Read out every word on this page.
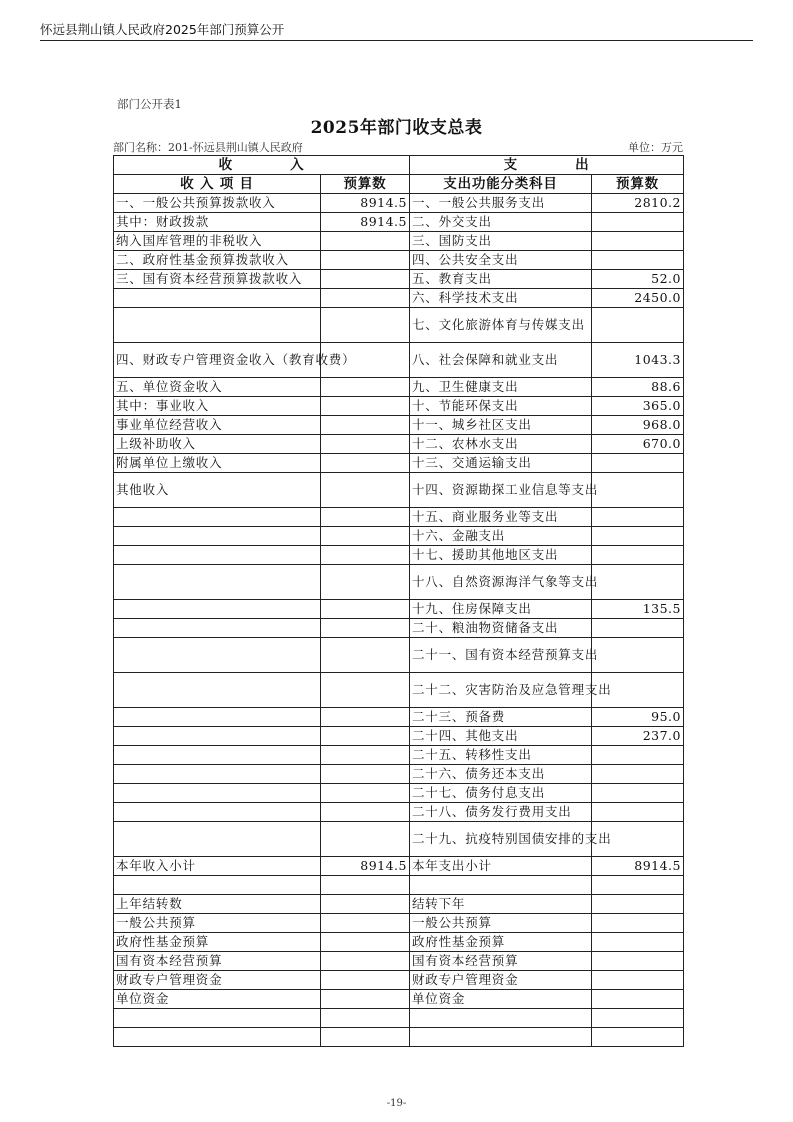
怀远县荆山镇人民政府2025年部门预算公开
部门公开表1
2025年部门收支总表
部门名称：201-怀远县荆山镇人民政府	单位：万元
收　　　　入		支　　　　出	
收 入 项 目	预算数	支出功能分类科目	预算数
一、一般公共预算拨款收入	8914.5	一、一般公共服务支出	2810.2
其中：财政拨款	8914.5	二、外交支出	
纳入国库管理的非税收入		三、国防支出	
二、政府性基金预算拨款收入		四、公共安全支出	
三、国有资本经营预算拨款收入		五、教育支出	52.0
		六、科学技术支出	2450.0
		七、文化旅游体育与传媒支出	
四、财政专户管理资金收入（教育收费）		八、社会保障和就业支出	1043.3
五、单位资金收入		九、卫生健康支出	88.6
其中：事业收入		十、节能环保支出	365.0
事业单位经营收入		十一、城乡社区支出	968.0
上级补助收入		十二、农林水支出	670.0
附属单位上缴收入		十三、交通运输支出	
其他收入		十四、资源勘探工业信息等支出	
		十五、商业服务业等支出	
		十六、金融支出	
		十七、援助其他地区支出	
		十八、自然资源海洋气象等支出	
		十九、住房保障支出	135.5
		二十、粮油物资储备支出	
		二十一、国有资本经营预算支出	
		二十二、灾害防治及应急管理支出	
		二十三、预备费	95.0
		二十四、其他支出	237.0
		二十五、转移性支出	
		二十六、债务还本支出	
		二十七、债务付息支出	
		二十八、债务发行费用支出	
		二十九、抗疫特别国债安排的支出	
本年收入小计	8914.5	本年支出小计	8914.5

上年结转数		结转下年	
一般公共预算		一般公共预算	
政府性基金预算		政府性基金预算	
国有资本经营预算		国有资本经营预算	
财政专户管理资金		财政专户管理资金	
单位资金		单位资金	

-19-
